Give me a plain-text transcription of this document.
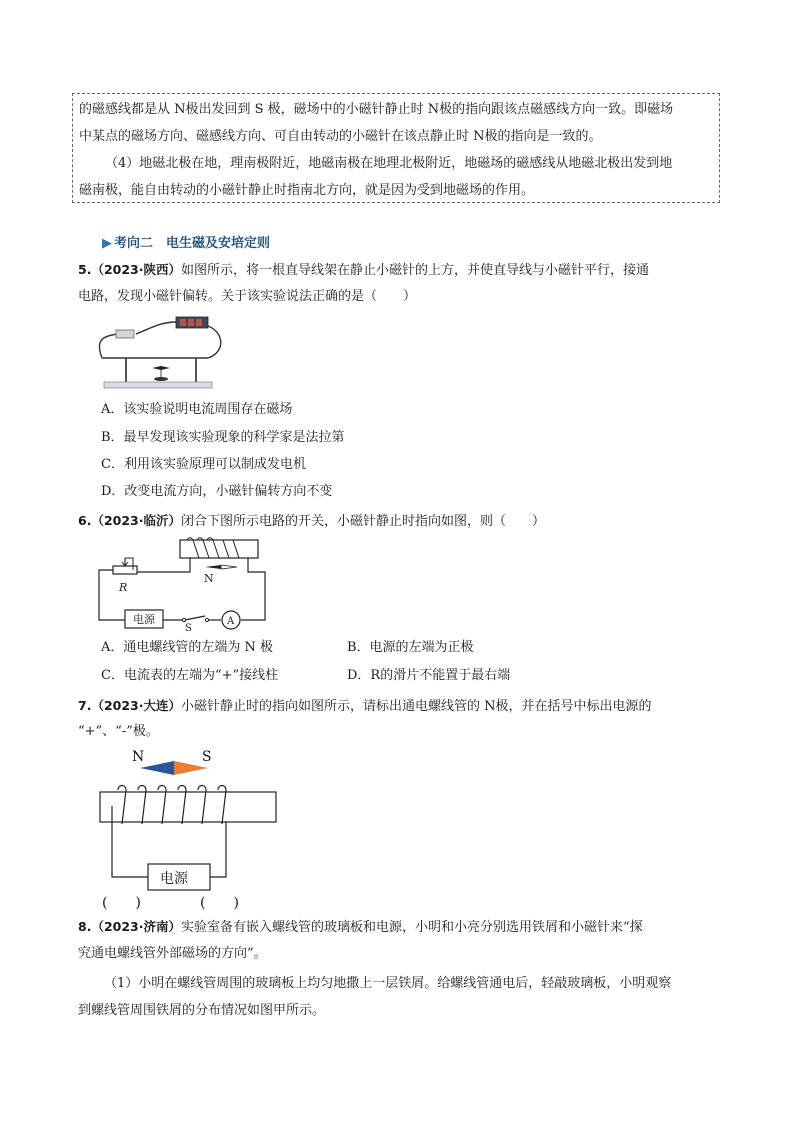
的磁感线都是从 N极出发回到 S 极，磁场中的小磁针静止时 N极的指向跟该点磁感线方向一致。即磁场

中某点的磁场方向、磁感线方向、可自由转动的小磁针在该点静止时 N极的指向是一致的。

（4）地磁北极在地，理南极附近，地磁南极在地理北极附近，地磁场的磁感线从地磁北极出发到地

磁南极，能自由转动的小磁针静止时指南北方向，就是因为受到地磁场的作用。

▶ 考向二　电生磁及安培定则

5.（2023·陕西）如图所示，将一根直导线架在静止小磁针的上方，并使直导线与小磁针平行，接通

电路，发现小磁针偏转。关于该实验说法正确的是（　　）

A．该实验说明电流周围存在磁场
B．最早发现该实验现象的科学家是法拉第
C．利用该实验原理可以制成发电机
D．改变电流方向，小磁针偏转方向不变

6.（2023·临沂）闭合下图所示电路的开关，小磁针静止时指向如图，则（　　）

R
N
电源
S
A
A．通电螺线管的左端为 N 极	B．电源的左端为正极
C．电流表的左端为“+”接线柱	D．R的滑片不能置于最右端

7.（2023·大连）小磁针静止时的指向如图所示，请标出通电螺线管的 N极，并在括号中标出电源的

“+”、“-”极。

N	S
电源
(　　)	(　　)

8.（2023·济南）实验室备有嵌入螺线管的玻璃板和电源，小明和小亮分别选用铁屑和小磁针来“探

究通电螺线管外部磁场的方向”。

（1）小明在螺线管周围的玻璃板上均匀地撒上一层铁屑。给螺线管通电后，轻敲玻璃板，小明观察

到螺线管周围铁屑的分布情况如图甲所示。
